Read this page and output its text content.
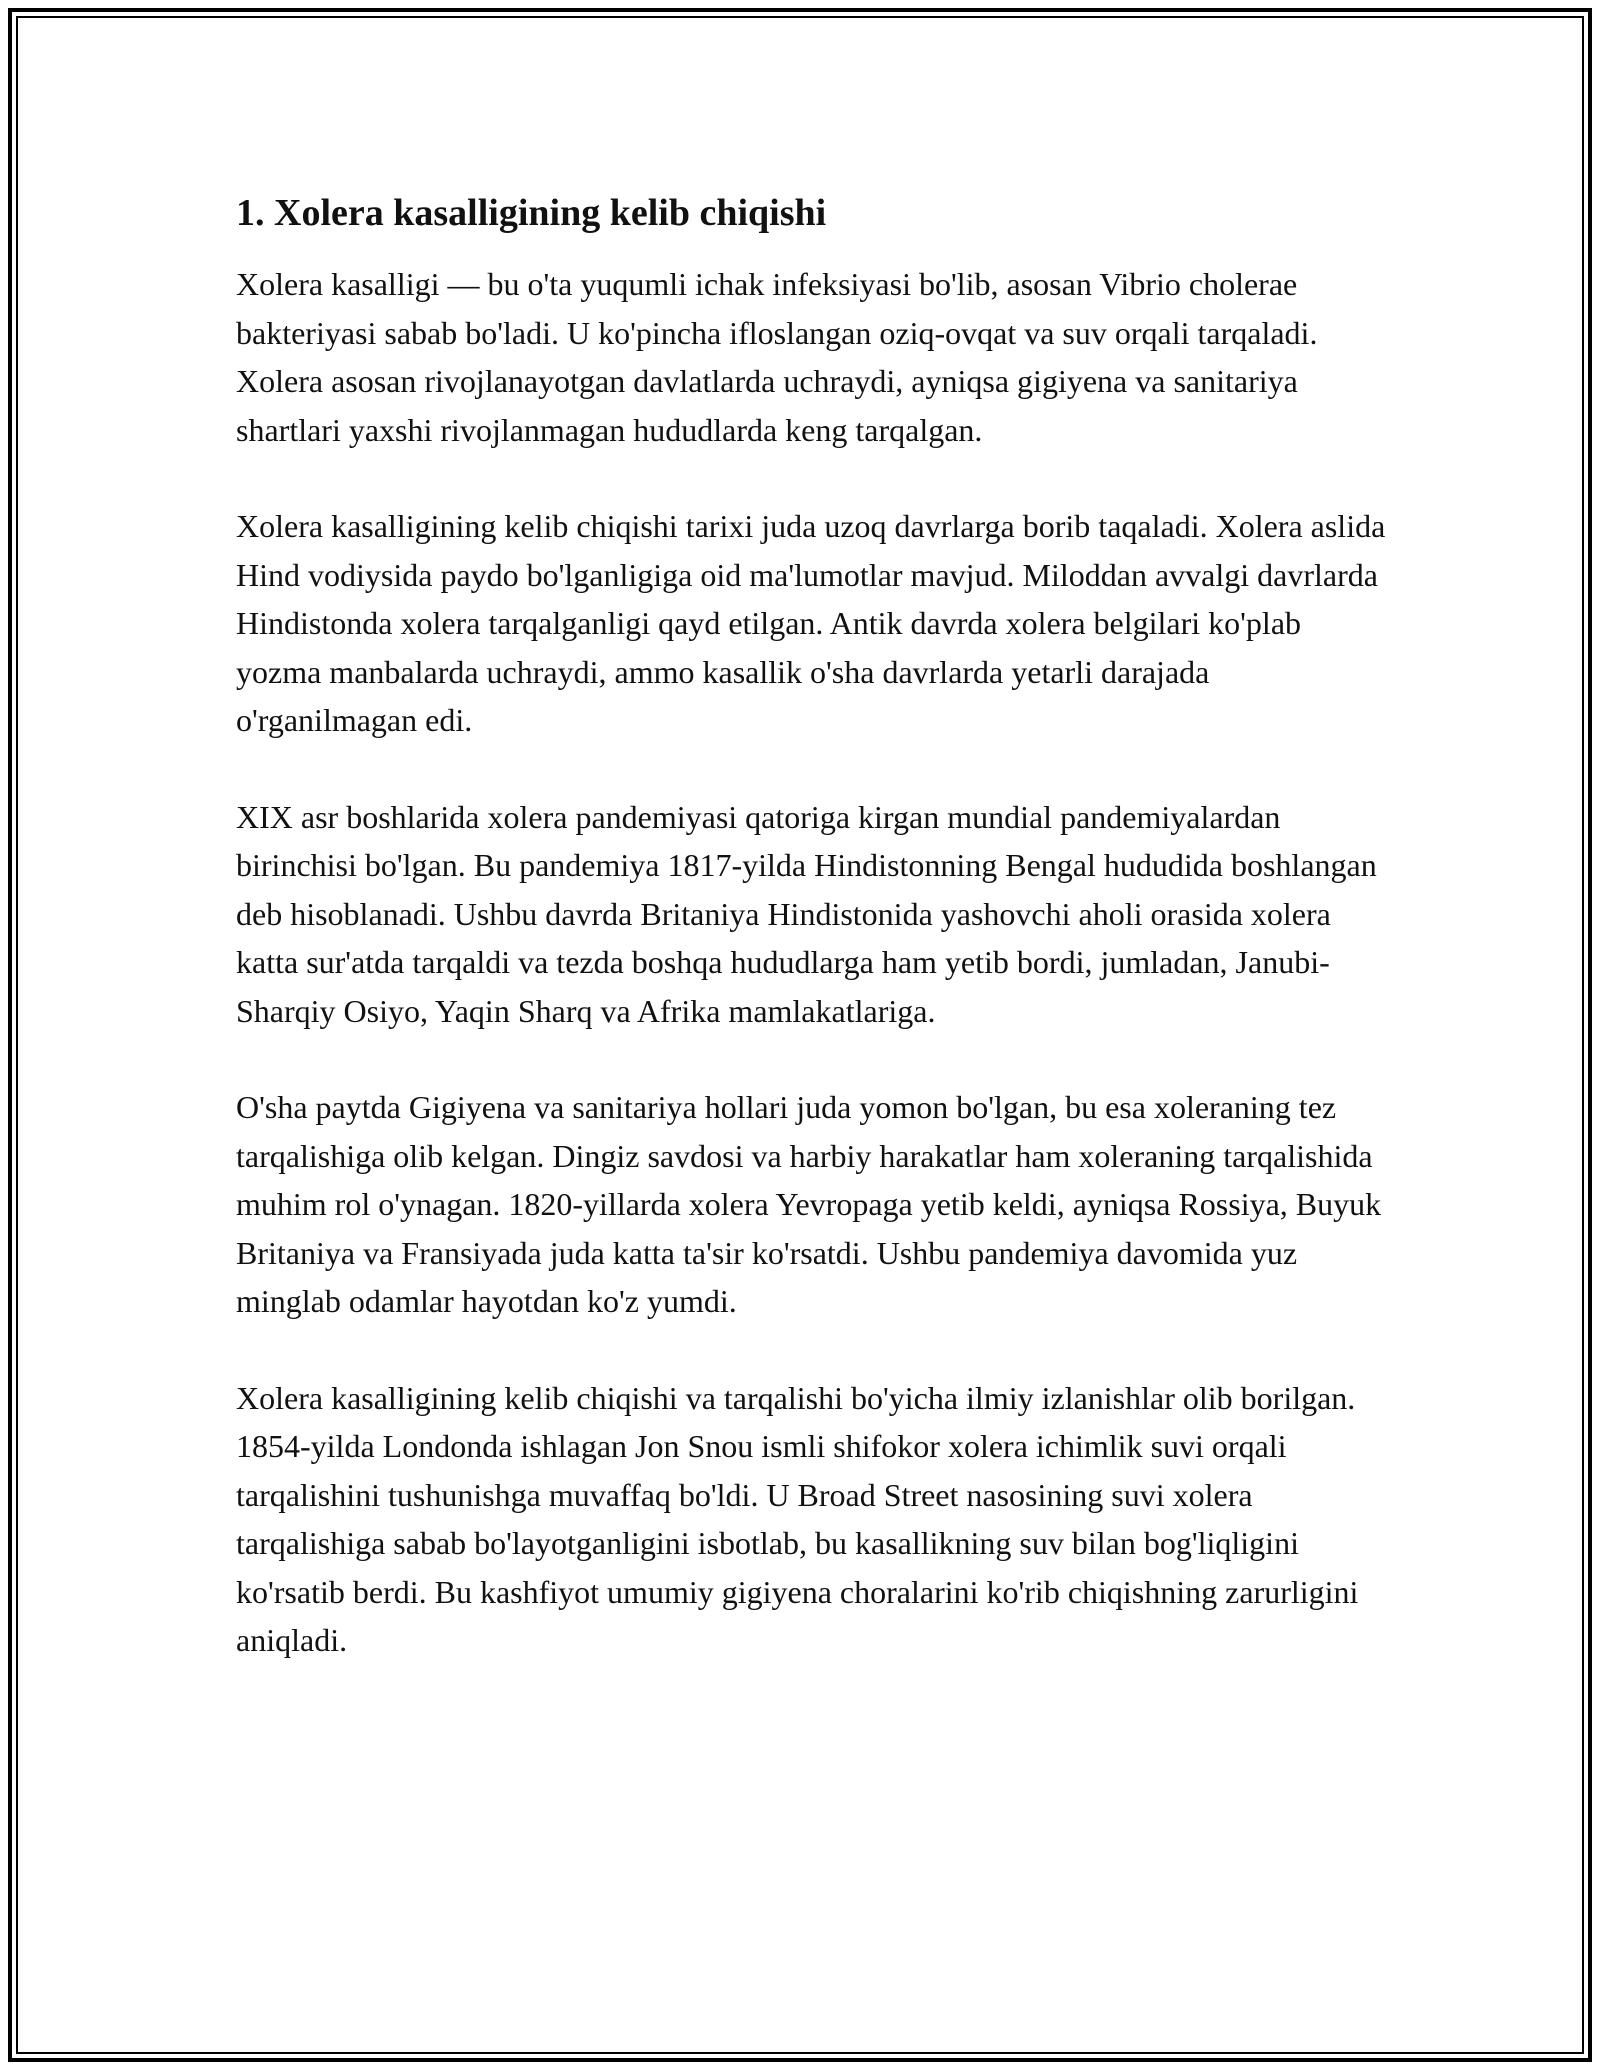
1. Xolera kasalligining kelib chiqishi

Xolera kasalligi — bu o'ta yuqumli ichak infeksiyasi bo'lib, asosan Vibrio cholerae bakteriyasi sabab bo'ladi. U ko'pincha ifloslangan oziq-ovqat va suv orqali tarqaladi. Xolera asosan rivojlanayotgan davlatlarda uchraydi, ayniqsa gigiyena va sanitariya shartlari yaxshi rivojlanmagan hududlarda keng tarqalgan.

Xolera kasalligining kelib chiqishi tarixi juda uzoq davrlarga borib taqaladi. Xolera aslida Hind vodiysida paydo bo'lganligiga oid ma'lumotlar mavjud. Miloddan avvalgi davrlarda Hindistonda xolera tarqalganligi qayd etilgan. Antik davrda xolera belgilari ko'plab yozma manbalarda uchraydi, ammo kasallik o'sha davrlarda yetarli darajada o'rganilmagan edi.

XIX asr boshlarida xolera pandemiyasi qatoriga kirgan mundial pandemiyalardan birinchisi bo'lgan. Bu pandemiya 1817-yilda Hindistonning Bengal hududida boshlangan deb hisoblanadi. Ushbu davrda Britaniya Hindistonida yashovchi aholi orasida xolera katta sur'atda tarqaldi va tezda boshqa hududlarga ham yetib bordi, jumladan, Janubi-Sharqiy Osiyo, Yaqin Sharq va Afrika mamlakatlariga.

O'sha paytda Gigiyena va sanitariya hollari juda yomon bo'lgan, bu esa xoleraning tez tarqalishiga olib kelgan. Dingiz savdosi va harbiy harakatlar ham xoleraning tarqalishida muhim rol o'ynagan. 1820-yillarda xolera Yevropaga yetib keldi, ayniqsa Rossiya, Buyuk Britaniya va Fransiyada juda katta ta'sir ko'rsatdi. Ushbu pandemiya davomida yuz minglab odamlar hayotdan ko'z yumdi.

Xolera kasalligining kelib chiqishi va tarqalishi bo'yicha ilmiy izlanishlar olib borilgan. 1854-yilda Londonda ishlagan Jon Snou ismli shifokor xolera ichimlik suvi orqali tarqalishini tushunishga muvaffaq bo'ldi. U Broad Street nasosining suvi xolera tarqalishiga sabab bo'layotganligini isbotlab, bu kasallikning suv bilan bog'liqligini ko'rsatib berdi. Bu kashfiyot umumiy gigiyena choralarini ko'rib chiqishning zarurligini aniqladi.
